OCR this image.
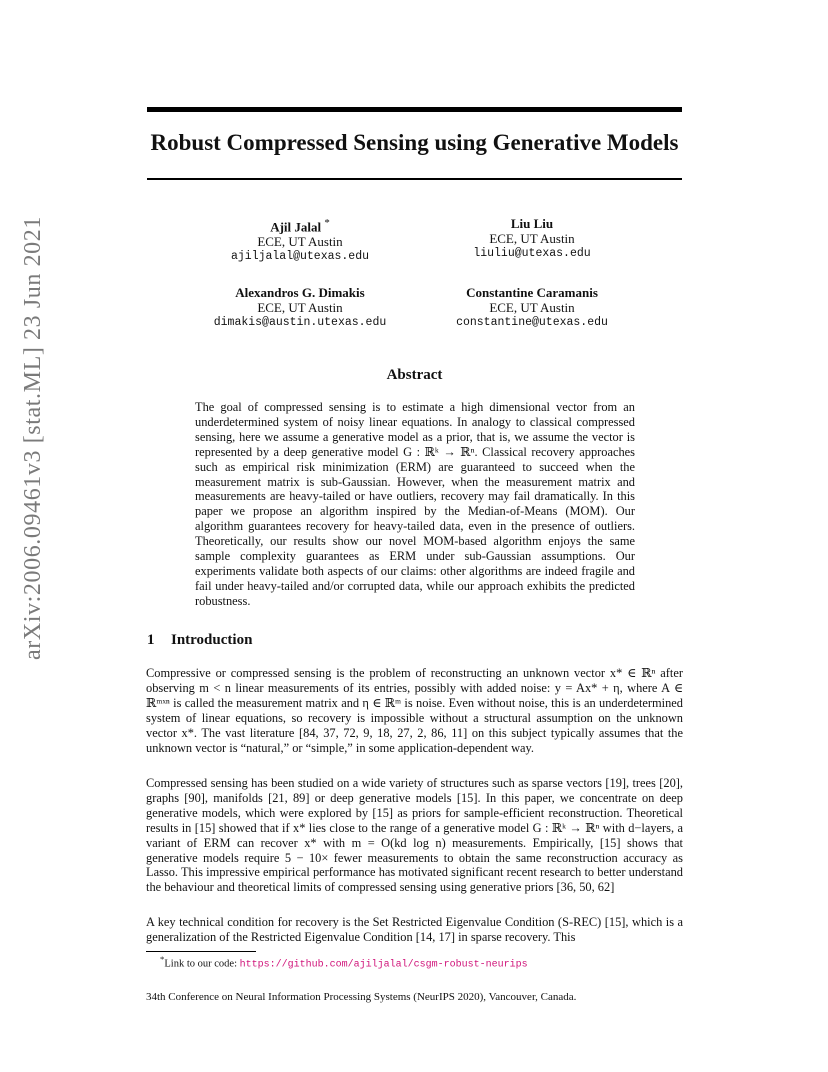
arXiv:2006.09461v3 [stat.ML] 23 Jun 2021
Robust Compressed Sensing using Generative Models
Ajil Jalal *
ECE, UT Austin
ajiljalal@utexas.edu
Liu Liu
ECE, UT Austin
liuliu@utexas.edu
Alexandros G. Dimakis
ECE, UT Austin
dimakis@austin.utexas.edu
Constantine Caramanis
ECE, UT Austin
constantine@utexas.edu
Abstract
The goal of compressed sensing is to estimate a high dimensional vector from an underdetermined system of noisy linear equations. In analogy to classical compressed sensing, here we assume a generative model as a prior, that is, we assume the vector is represented by a deep generative model G : ℝᵏ → ℝⁿ. Classical recovery approaches such as empirical risk minimization (ERM) are guaranteed to succeed when the measurement matrix is sub-Gaussian. However, when the measurement matrix and measurements are heavy-tailed or have outliers, recovery may fail dramatically. In this paper we propose an algorithm inspired by the Median-of-Means (MOM). Our algorithm guarantees recovery for heavy-tailed data, even in the presence of outliers. Theoretically, our results show our novel MOM-based algorithm enjoys the same sample complexity guarantees as ERM under sub-Gaussian assumptions. Our experiments validate both aspects of our claims: other algorithms are indeed fragile and fail under heavy-tailed and/or corrupted data, while our approach exhibits the predicted robustness.
1 Introduction
Compressive or compressed sensing is the problem of reconstructing an unknown vector x* ∈ ℝⁿ after observing m < n linear measurements of its entries, possibly with added noise: y = Ax* + η, where A ∈ ℝᵐˣⁿ is called the measurement matrix and η ∈ ℝᵐ is noise. Even without noise, this is an underdetermined system of linear equations, so recovery is impossible without a structural assumption on the unknown vector x*. The vast literature [84, 37, 72, 9, 18, 27, 2, 86, 11] on this subject typically assumes that the unknown vector is “natural,” or “simple,” in some application-dependent way.
Compressed sensing has been studied on a wide variety of structures such as sparse vectors [19], trees [20], graphs [90], manifolds [21, 89] or deep generative models [15]. In this paper, we concentrate on deep generative models, which were explored by [15] as priors for sample-efficient reconstruction. Theoretical results in [15] showed that if x* lies close to the range of a generative model G : ℝᵏ → ℝⁿ with d−layers, a variant of ERM can recover x* with m = O(kd log n) measurements. Empirically, [15] shows that generative models require 5 − 10× fewer measurements to obtain the same reconstruction accuracy as Lasso. This impressive empirical performance has motivated significant recent research to better understand the behaviour and theoretical limits of compressed sensing using generative priors [36, 50, 62]
A key technical condition for recovery is the Set Restricted Eigenvalue Condition (S-REC) [15], which is a generalization of the Restricted Eigenvalue Condition [14, 17] in sparse recovery. This
*Link to our code: https://github.com/ajiljalal/csgm-robust-neurips
34th Conference on Neural Information Processing Systems (NeurIPS 2020), Vancouver, Canada.
